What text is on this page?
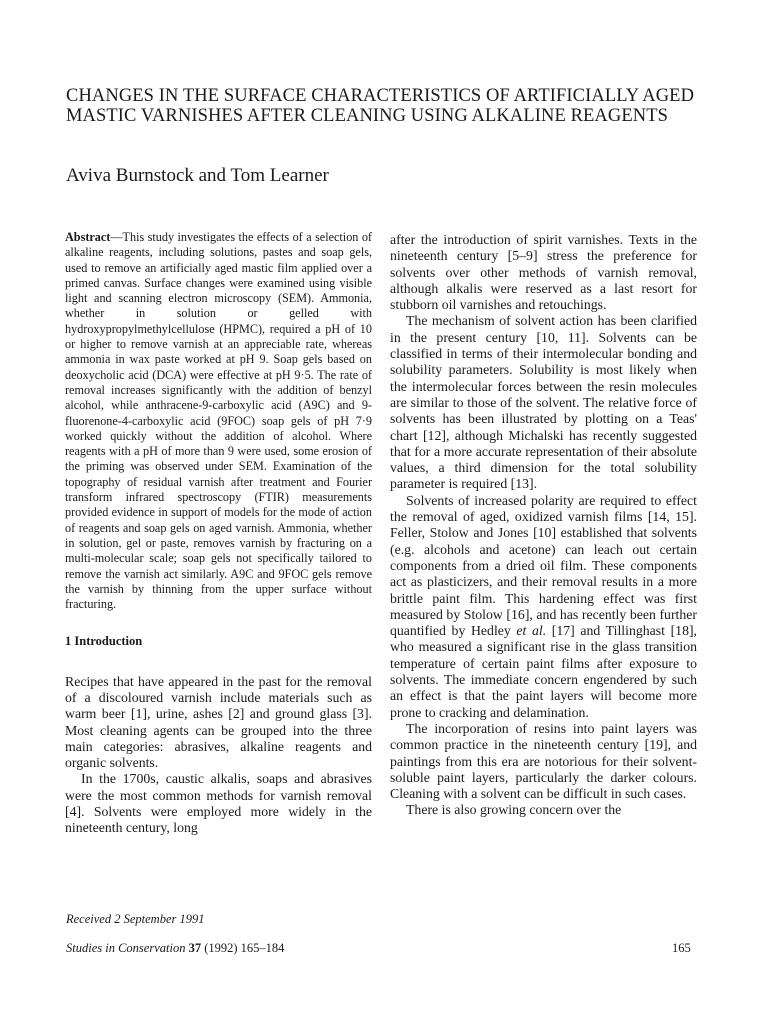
CHANGES IN THE SURFACE CHARACTERISTICS OF ARTIFICIALLY AGED MASTIC VARNISHES AFTER CLEANING USING ALKALINE REAGENTS
Aviva Burnstock and Tom Learner

Abstract—This study investigates the effects of a selection of alkaline reagents, including solutions, pastes and soap gels, used to remove an artificially aged mastic film applied over a primed canvas. Surface changes were examined using visible light and scanning electron microscopy (SEM). Ammonia, whether in solution or gelled with hydroxypropylmethylcellulose (HPMC), required a pH of 10 or higher to remove varnish at an appreciable rate, whereas ammonia in wax paste worked at pH 9. Soap gels based on deoxycholic acid (DCA) were effective at pH 9·5. The rate of removal increases significantly with the addition of benzyl alcohol, while anthracene-9-carboxylic acid (A9C) and 9-fluorenone-4-carboxylic acid (9FOC) soap gels of pH 7·9 worked quickly without the addition of alcohol. Where reagents with a pH of more than 9 were used, some erosion of the priming was observed under SEM. Examination of the topography of residual varnish after treatment and Fourier transform infrared spectroscopy (FTIR) measurements provided evidence in support of models for the mode of action of reagents and soap gels on aged varnish. Ammonia, whether in solution, gel or paste, removes varnish by fracturing on a multi-molecular scale; soap gels not specifically tailored to remove the varnish act similarly. A9C and 9FOC gels remove the varnish by thinning from the upper surface without fracturing.

1 Introduction

Recipes that have appeared in the past for the removal of a discoloured varnish include materials such as warm beer [1], urine, ashes [2] and ground glass [3]. Most cleaning agents can be grouped into the three main categories: abrasives, alkaline reagents and organic solvents.

In the 1700s, caustic alkalis, soaps and abrasives were the most common methods for varnish removal [4]. Solvents were employed more widely in the nineteenth century, long

after the introduction of spirit varnishes. Texts in the nineteenth century [5–9] stress the preference for solvents over other methods of varnish removal, although alkalis were reserved as a last resort for stubborn oil varnishes and retouchings.

The mechanism of solvent action has been clarified in the present century [10, 11]. Solvents can be classified in terms of their intermolecular bonding and solubility parameters. Solubility is most likely when the intermolecular forces between the resin molecules are similar to those of the solvent. The relative force of solvents has been illustrated by plotting on a Teas' chart [12], although Michalski has recently suggested that for a more accurate representation of their absolute values, a third dimension for the total solubility parameter is required [13].

Solvents of increased polarity are required to effect the removal of aged, oxidized varnish films [14, 15]. Feller, Stolow and Jones [10] established that solvents (e.g. alcohols and acetone) can leach out certain components from a dried oil film. These components act as plasticizers, and their removal results in a more brittle paint film. This hardening effect was first measured by Stolow [16], and has recently been further quantified by Hedley et al. [17] and Tillinghast [18], who measured a significant rise in the glass transition temperature of certain paint films after exposure to solvents. The immediate concern engendered by such an effect is that the paint layers will become more prone to cracking and delamination.

The incorporation of resins into paint layers was common practice in the nineteenth century [19], and paintings from this era are notorious for their solvent-soluble paint layers, particularly the darker colours. Cleaning with a solvent can be difficult in such cases.

There is also growing concern over the

Received 2 September 1991
Studies in Conservation 37 (1992) 165–184	165
